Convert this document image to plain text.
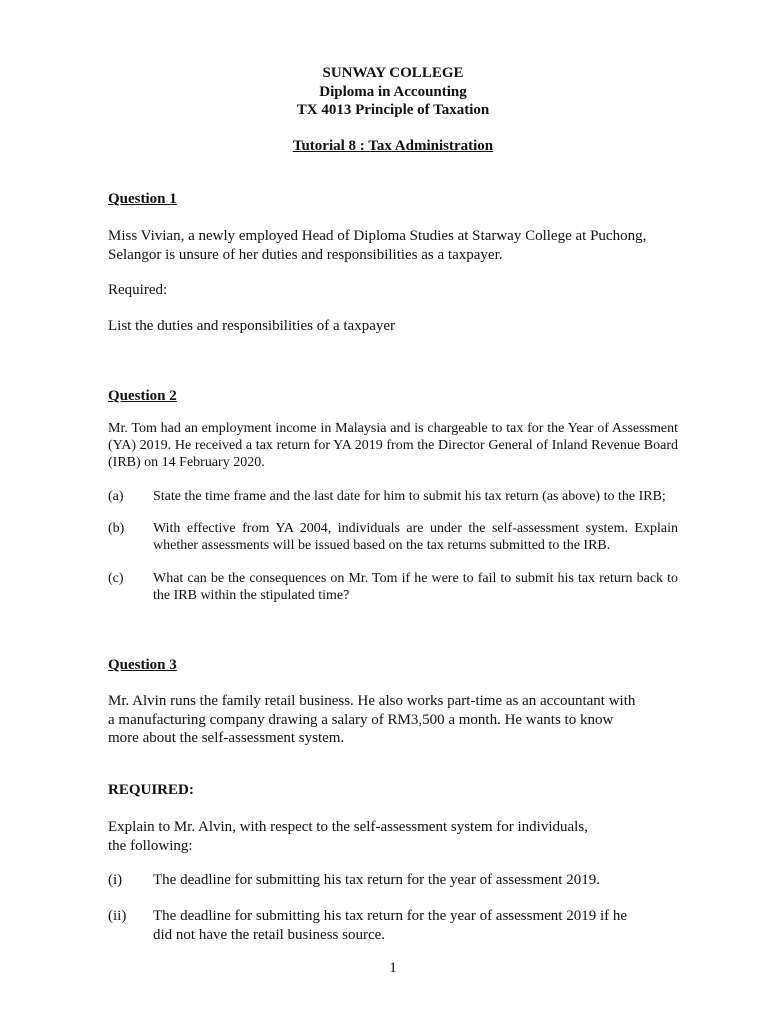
SUNWAY COLLEGE
Diploma in Accounting
TX 4013 Principle of Taxation
Tutorial 8 : Tax Administration
Question 1
Miss Vivian, a newly employed Head of Diploma Studies at Starway College at Puchong,
Selangor is unsure of her duties and responsibilities as a taxpayer.
Required:
List the duties and responsibilities of a taxpayer
Question 2
Mr. Tom had an employment income in Malaysia and is chargeable to tax for the Year of Assessment (YA) 2019. He received a tax return for YA 2019 from the Director General of Inland Revenue Board (IRB) on 14 February 2020.
(a) State the time frame and the last date for him to submit his tax return (as above) to the IRB;
(b) With effective from YA 2004, individuals are under the self-assessment system. Explain whether assessments will be issued based on the tax returns submitted to the IRB.
(c) What can be the consequences on Mr. Tom if he were to fail to submit his tax return back to the IRB within the stipulated time?
Question 3
Mr. Alvin runs the family retail business. He also works part-time as an accountant with
a manufacturing company drawing a salary of RM3,500 a month. He wants to know
more about the self-assessment system.
REQUIRED:
Explain to Mr. Alvin, with respect to the self-assessment system for individuals,
the following:
(i) The deadline for submitting his tax return for the year of assessment 2019.
(ii) The deadline for submitting his tax return for the year of assessment 2019 if he
did not have the retail business source.
1
